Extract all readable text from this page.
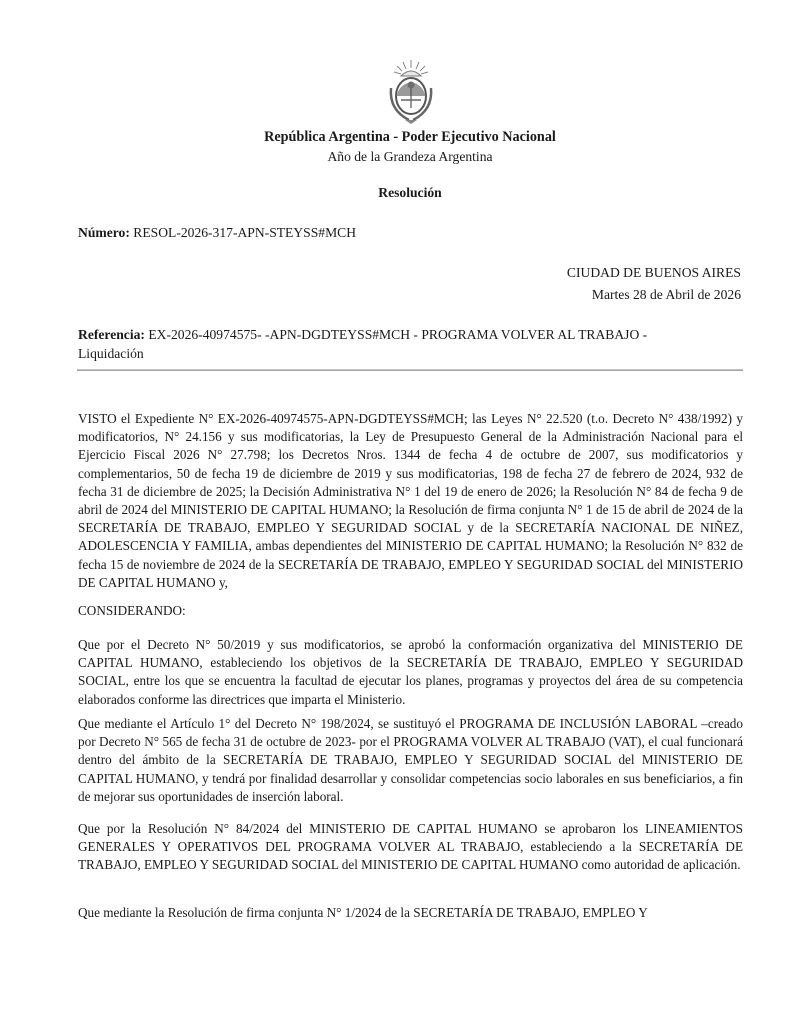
República Argentina - Poder Ejecutivo Nacional
Año de la Grandeza Argentina
Resolución
Número: RESOL-2026-317-APN-STEYSS#MCH
CIUDAD DE BUENOS AIRES
Martes 28 de Abril de 2026
Referencia: EX-2026-40974575- -APN-DGDTEYSS#MCH - PROGRAMA VOLVER AL TRABAJO - Liquidación
VISTO el Expediente N° EX-2026-40974575-APN-DGDTEYSS#MCH; las Leyes N° 22.520 (t.o. Decreto N° 438/1992) y modificatorios, N° 24.156 y sus modificatorias, la Ley de Presupuesto General de la Administración Nacional para el Ejercicio Fiscal 2026 N° 27.798; los Decretos Nros. 1344 de fecha 4 de octubre de 2007, sus modificatorios y complementarios, 50 de fecha 19 de diciembre de 2019 y sus modificatorias, 198 de fecha 27 de febrero de 2024, 932 de fecha 31 de diciembre de 2025; la Decisión Administrativa N° 1 del 19 de enero de 2026; la Resolución N° 84 de fecha 9 de abril de 2024 del MINISTERIO DE CAPITAL HUMANO; la Resolución de firma conjunta N° 1 de 15 de abril de 2024 de la SECRETARÍA DE TRABAJO, EMPLEO Y SEGURIDAD SOCIAL y de la SECRETARÍA NACIONAL DE NIÑEZ, ADOLESCENCIA Y FAMILIA, ambas dependientes del MINISTERIO DE CAPITAL HUMANO; la Resolución N° 832 de fecha 15 de noviembre de 2024 de la SECRETARÍA DE TRABAJO, EMPLEO Y SEGURIDAD SOCIAL del MINISTERIO DE CAPITAL HUMANO y,
CONSIDERANDO:
Que por el Decreto N° 50/2019 y sus modificatorios, se aprobó la conformación organizativa del MINISTERIO DE CAPITAL HUMANO, estableciendo los objetivos de la SECRETARÍA DE TRABAJO, EMPLEO Y SEGURIDAD SOCIAL, entre los que se encuentra la facultad de ejecutar los planes, programas y proyectos del área de su competencia elaborados conforme las directrices que imparta el Ministerio.
Que mediante el Artículo 1° del Decreto N° 198/2024, se sustituyó el PROGRAMA DE INCLUSIÓN LABORAL –creado por Decreto N° 565 de fecha 31 de octubre de 2023- por el PROGRAMA VOLVER AL TRABAJO (VAT), el cual funcionará dentro del ámbito de la SECRETARÍA DE TRABAJO, EMPLEO Y SEGURIDAD SOCIAL del MINISTERIO DE CAPITAL HUMANO, y tendrá por finalidad desarrollar y consolidar competencias socio laborales en sus beneficiarios, a fin de mejorar sus oportunidades de inserción laboral.
Que por la Resolución N° 84/2024 del MINISTERIO DE CAPITAL HUMANO se aprobaron los LINEAMIENTOS GENERALES Y OPERATIVOS DEL PROGRAMA VOLVER AL TRABAJO, estableciendo a la SECRETARÍA DE TRABAJO, EMPLEO Y SEGURIDAD SOCIAL del MINISTERIO DE CAPITAL HUMANO como autoridad de aplicación.
Que mediante la Resolución de firma conjunta N° 1/2024 de la SECRETARÍA DE TRABAJO, EMPLEO Y
